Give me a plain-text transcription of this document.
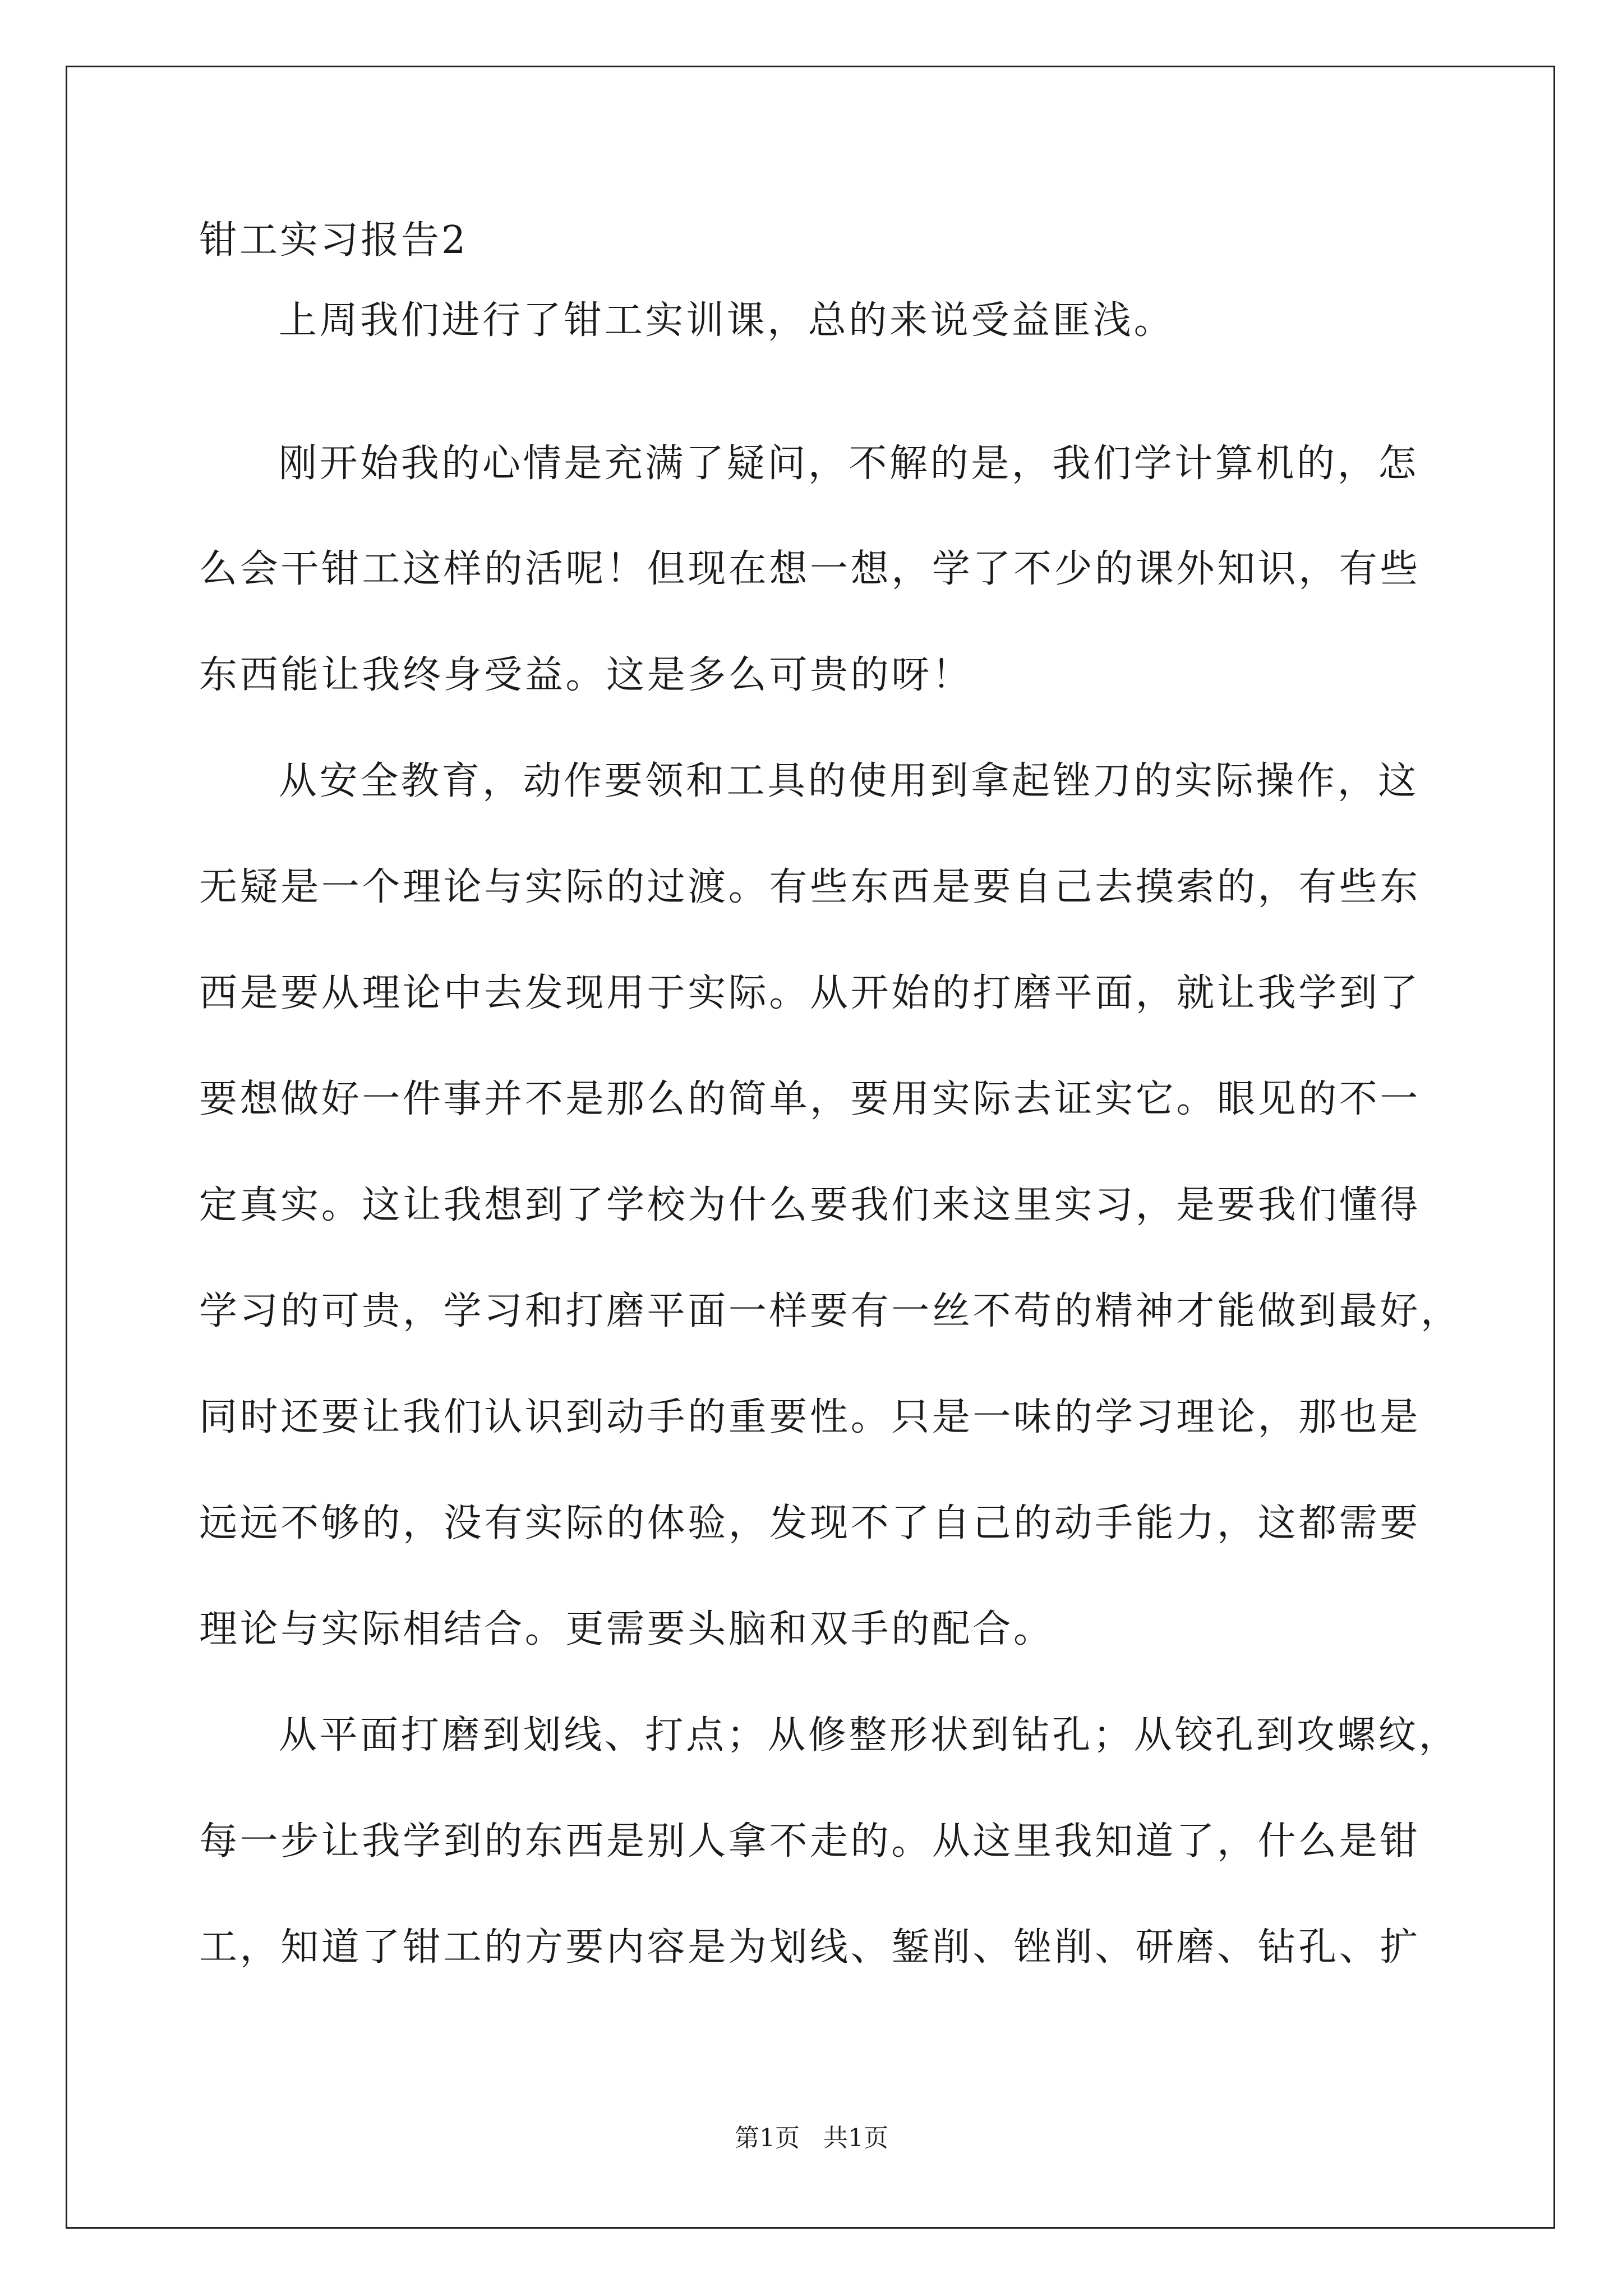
钳工实习报告2
上周我们进行了钳工实训课，总的来说受益匪浅。
刚开始我的心情是充满了疑问，不解的是，我们学计算机的，怎
么会干钳工这样的活呢！但现在想一想，学了不少的课外知识，有些
东西能让我终身受益。这是多么可贵的呀！
从安全教育，动作要领和工具的使用到拿起锉刀的实际操作，这
无疑是一个理论与实际的过渡。有些东西是要自己去摸索的，有些东
西是要从理论中去发现用于实际。从开始的打磨平面，就让我学到了
要想做好一件事并不是那么的简单，要用实际去证实它。眼见的不一
定真实。这让我想到了学校为什么要我们来这里实习，是要我们懂得
学习的可贵，学习和打磨平面一样要有一丝不苟的精神才能做到最好，
同时还要让我们认识到动手的重要性。只是一味的学习理论，那也是
远远不够的，没有实际的体验，发现不了自己的动手能力，这都需要
理论与实际相结合。更需要头脑和双手的配合。
从平面打磨到划线、打点；从修整形状到钻孔；从铰孔到攻螺纹，
每一步让我学到的东西是别人拿不走的。从这里我知道了，什么是钳
工，知道了钳工的方要内容是为划线、錾削、锉削、研磨、钻孔、扩
第1页   共1页
